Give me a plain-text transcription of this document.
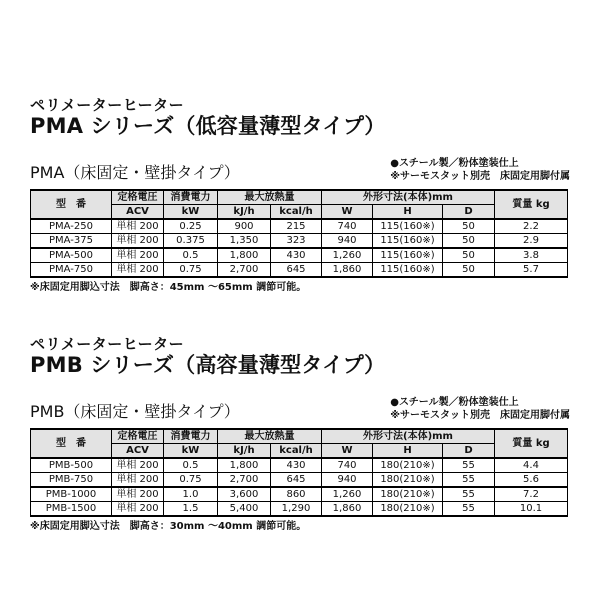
ペリメーターヒーター
PMA シリーズ（低容量薄型タイプ）
PMA（床固定・壁掛タイプ）	●スチール製／粉体塗装仕上
※サーモスタット別売　床固定用脚付属
型　番	定格電圧	消費電力	最大放熱量		外形寸法(本体)mm			質量 kg
	ACV	kW	kJ/h	kcal/h	W	H	D	
PMA-250	単相 200	0.25	900	215	740	115(160※)	50	2.2
PMA-375	単相 200	0.375	1,350	323	940	115(160※)	50	2.9
PMA-500	単相 200	0.5	1,800	430	1,260	115(160※)	50	3.8
PMA-750	単相 200	0.75	2,700	645	1,860	115(160※)	50	5.7
※床固定用脚込寸法　脚高さ：45mm ～65mm 調節可能。
ペリメーターヒーター
PMB シリーズ（高容量薄型タイプ）
PMB（床固定・壁掛タイプ）	●スチール製／粉体塗装仕上
※サーモスタット別売　床固定用脚付属
型　番	定格電圧	消費電力	最大放熱量		外形寸法(本体)mm			質量 kg
	ACV	kW	kJ/h	kcal/h	W	H	D	
PMB-500	単相 200	0.5	1,800	430	740	180(210※)	55	4.4
PMB-750	単相 200	0.75	2,700	645	940	180(210※)	55	5.6
PMB-1000	単相 200	1.0	3,600	860	1,260	180(210※)	55	7.2
PMB-1500	単相 200	1.5	5,400	1,290	1,860	180(210※)	55	10.1
※床固定用脚込寸法　脚高さ：30mm ～40mm 調節可能。
